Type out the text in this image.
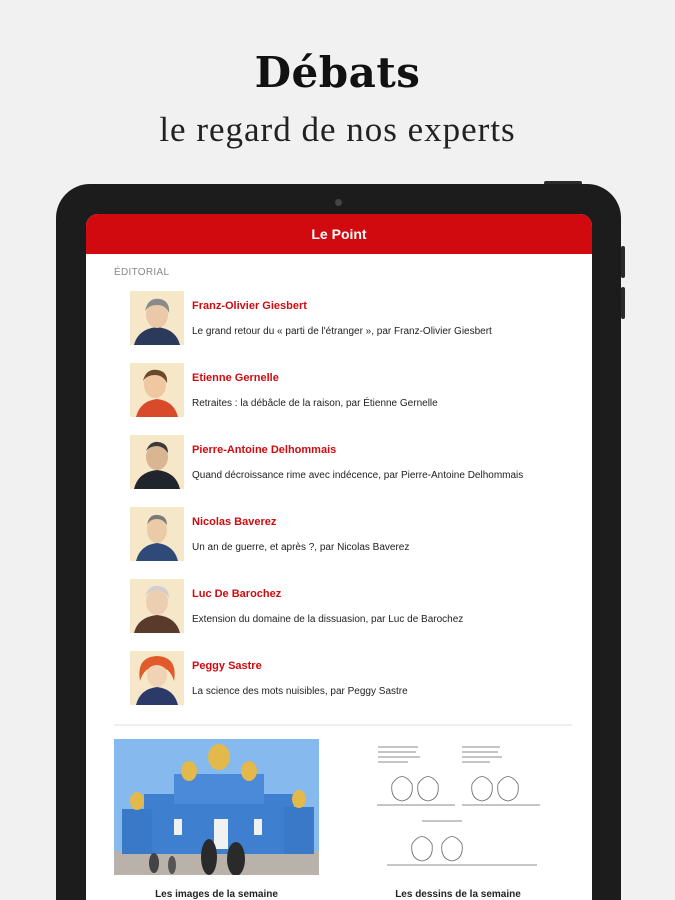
Débats
le regard de nos experts
Le Point
ÉDITORIAL
Franz-Olivier Giesbert
Le grand retour du « parti de l'étranger », par Franz-Olivier Giesbert
Etienne Gernelle
Retraites : la débâcle de la raison, par Étienne Gernelle
Pierre-Antoine Delhommais
Quand décroissance rime avec indécence, par Pierre-Antoine Delhommais
Nicolas Baverez
Un an de guerre, et après ?, par Nicolas Baverez
Luc De Barochez
Extension du domaine de la dissuasion, par Luc de Barochez
Peggy Sastre
La science des mots nuisibles, par Peggy Sastre
Les images de la semaine	Les dessins de la semaine
